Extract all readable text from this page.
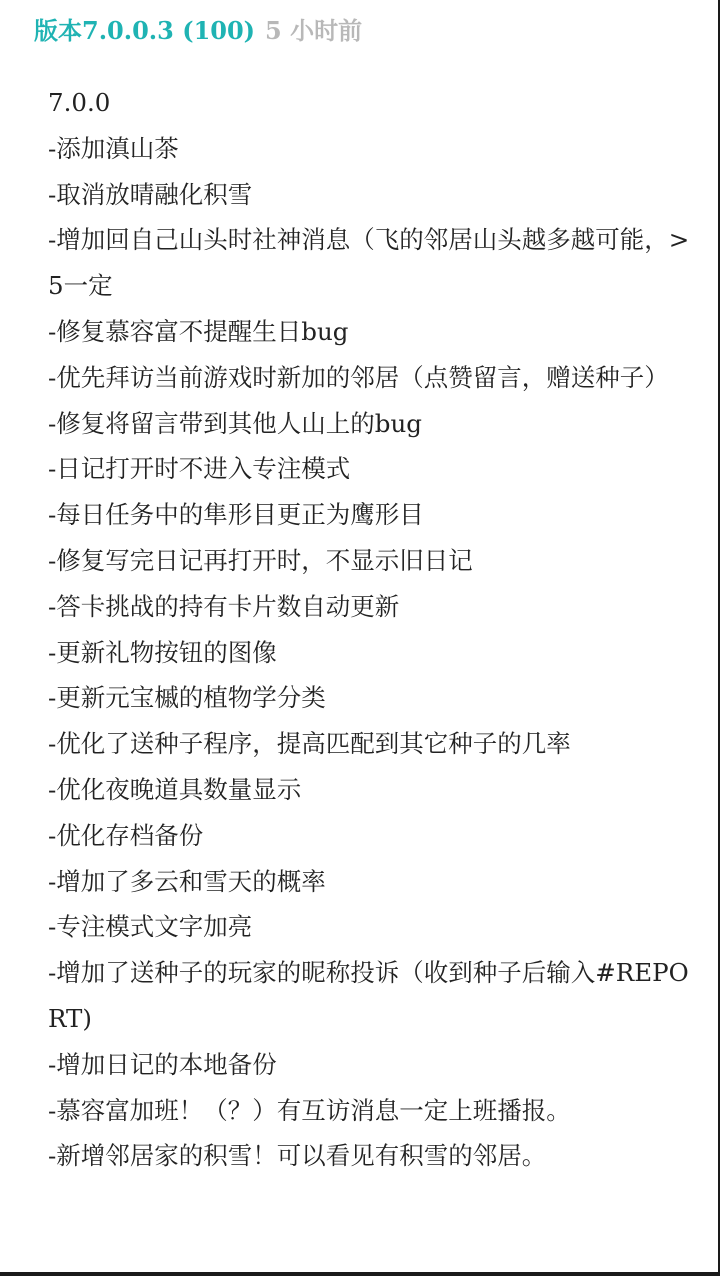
版本7.0.0.3 (100) 5 小时前
7.0.0
-添加滇山茶
-取消放晴融化积雪
-增加回自己山头时社神消息（飞的邻居山头越多越可能，>5一定
-修复慕容富不提醒生日bug
-优先拜访当前游戏时新加的邻居（点赞留言，赠送种子）
-修复将留言带到其他人山上的bug
-日记打开时不进入专注模式
-每日任务中的隼形目更正为鹰形目
-修复写完日记再打开时，不显示旧日记
-答卡挑战的持有卡片数自动更新
-更新礼物按钮的图像
-更新元宝槭的植物学分类
-优化了送种子程序，提高匹配到其它种子的几率
-优化夜晚道具数量显示
-优化存档备份
-增加了多云和雪天的概率
-专注模式文字加亮
-增加了送种子的玩家的昵称投诉（收到种子后输入#REPORT)
-增加日记的本地备份
-慕容富加班！（？）有互访消息一定上班播报。
-新增邻居家的积雪！可以看见有积雪的邻居。
